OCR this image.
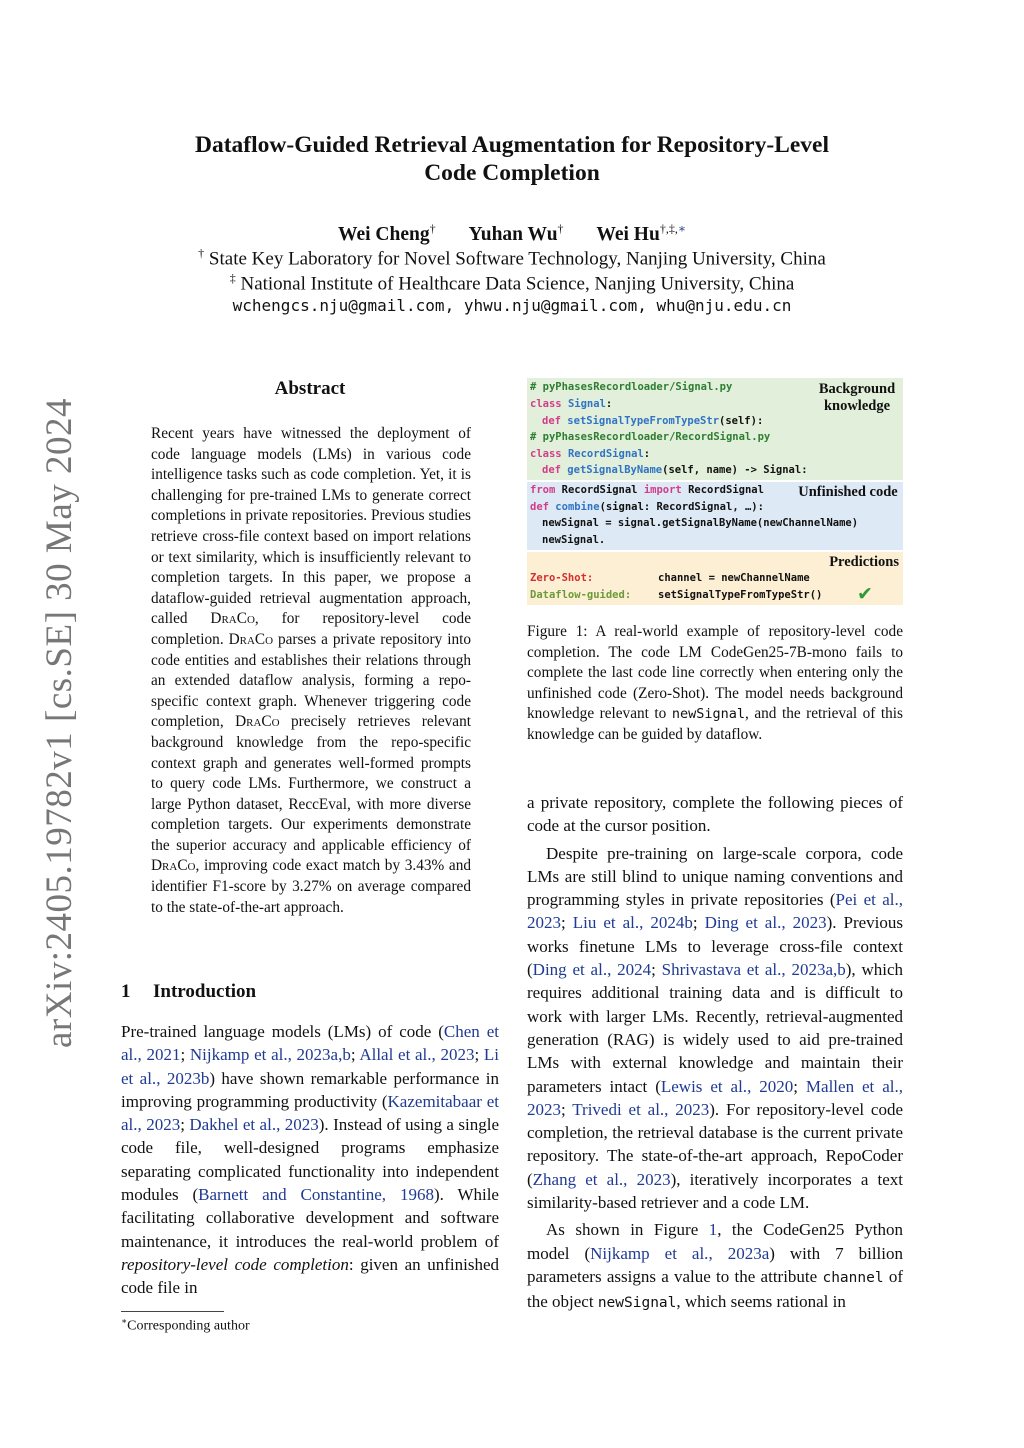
arXiv:2405.19782v1 [cs.SE] 30 May 2024
Dataflow-Guided Retrieval Augmentation for Repository-Level
Code Completion
Wei Cheng† Yuhan Wu† Wei Hu†,‡,∗
† State Key Laboratory for Novel Software Technology, Nanjing University, China
‡ National Institute of Healthcare Data Science, Nanjing University, China
wchengcs.nju@gmail.com, yhwu.nju@gmail.com, whu@nju.edu.cn
Abstract
Recent years have witnessed the deployment of code language models (LMs) in various code intelligence tasks such as code completion. Yet, it is challenging for pre-trained LMs to generate correct completions in private repositories. Previous studies retrieve cross-file context based on import relations or text similarity, which is insufficiently relevant to completion targets. In this paper, we propose a dataflow-guided retrieval augmentation approach, called DraCo, for repository-level code completion. DraCo parses a private repository into code entities and establishes their relations through an extended dataflow analysis, forming a repo-specific context graph. Whenever triggering code completion, DraCo precisely retrieves relevant background knowledge from the repo-specific context graph and generates well-formed prompts to query code LMs. Furthermore, we construct a large Python dataset, ReccEval, with more diverse completion targets. Our experiments demonstrate the superior accuracy and applicable efficiency of DraCo, improving code exact match by 3.43% and identifier F1-score by 3.27% on average compared to the state-of-the-art approach.
1 Introduction

Pre-trained language models (LMs) of code (Chen et al., 2021; Nijkamp et al., 2023a,b; Allal et al., 2023; Li et al., 2023b) have shown remarkable performance in improving programming productivity (Kazemitabaar et al., 2023; Dakhel et al., 2023). Instead of using a single code file, well-designed programs emphasize separating complicated functionality into independent modules (Barnett and Constantine, 1968). While facilitating collaborative development and software maintenance, it introduces the real-world problem of repository-level code completion: given an unfinished code file in

∗Corresponding author
Background
knowledge
Unfinished code
Predictions
# pyPhasesRecordloader/Signal.py
class Signal:
def setSignalTypeFromTypeStr(self):
# pyPhasesRecordloader/RecordSignal.py
class RecordSignal:
def getSignalByName(self, name) -> Signal:
from RecordSignal import RecordSignal
def combine(signal: RecordSignal, …):
newSignal = signal.getSignalByName(newChannelName)
newSignal.
Zero-Shot:	channel = newChannelName
Dataflow-guided:	setSignalTypeFromTypeStr() ✔
Figure 1: A real-world example of repository-level code completion. The code LM CodeGen25-7B-mono fails to complete the last code line correctly when entering only the unfinished code (Zero-Shot). The model needs background knowledge relevant to newSignal, and the retrieval of this knowledge can be guided by dataflow.

a private repository, complete the following pieces of code at the cursor position.

Despite pre-training on large-scale corpora, code LMs are still blind to unique naming conventions and programming styles in private repositories (Pei et al., 2023; Liu et al., 2024b; Ding et al., 2023). Previous works finetune LMs to leverage cross-file context (Ding et al., 2024; Shrivastava et al., 2023a,b), which requires additional training data and is difficult to work with larger LMs. Recently, retrieval-augmented generation (RAG) is widely used to aid pre-trained LMs with external knowledge and maintain their parameters intact (Lewis et al., 2020; Mallen et al., 2023; Trivedi et al., 2023). For repository-level code completion, the retrieval database is the current private repository. The state-of-the-art approach, RepoCoder (Zhang et al., 2023), iteratively incorporates a text similarity-based retriever and a code LM.

As shown in Figure 1, the CodeGen25 Python model (Nijkamp et al., 2023a) with 7 billion parameters assigns a value to the attribute channel of the object newSignal, which seems rational in
